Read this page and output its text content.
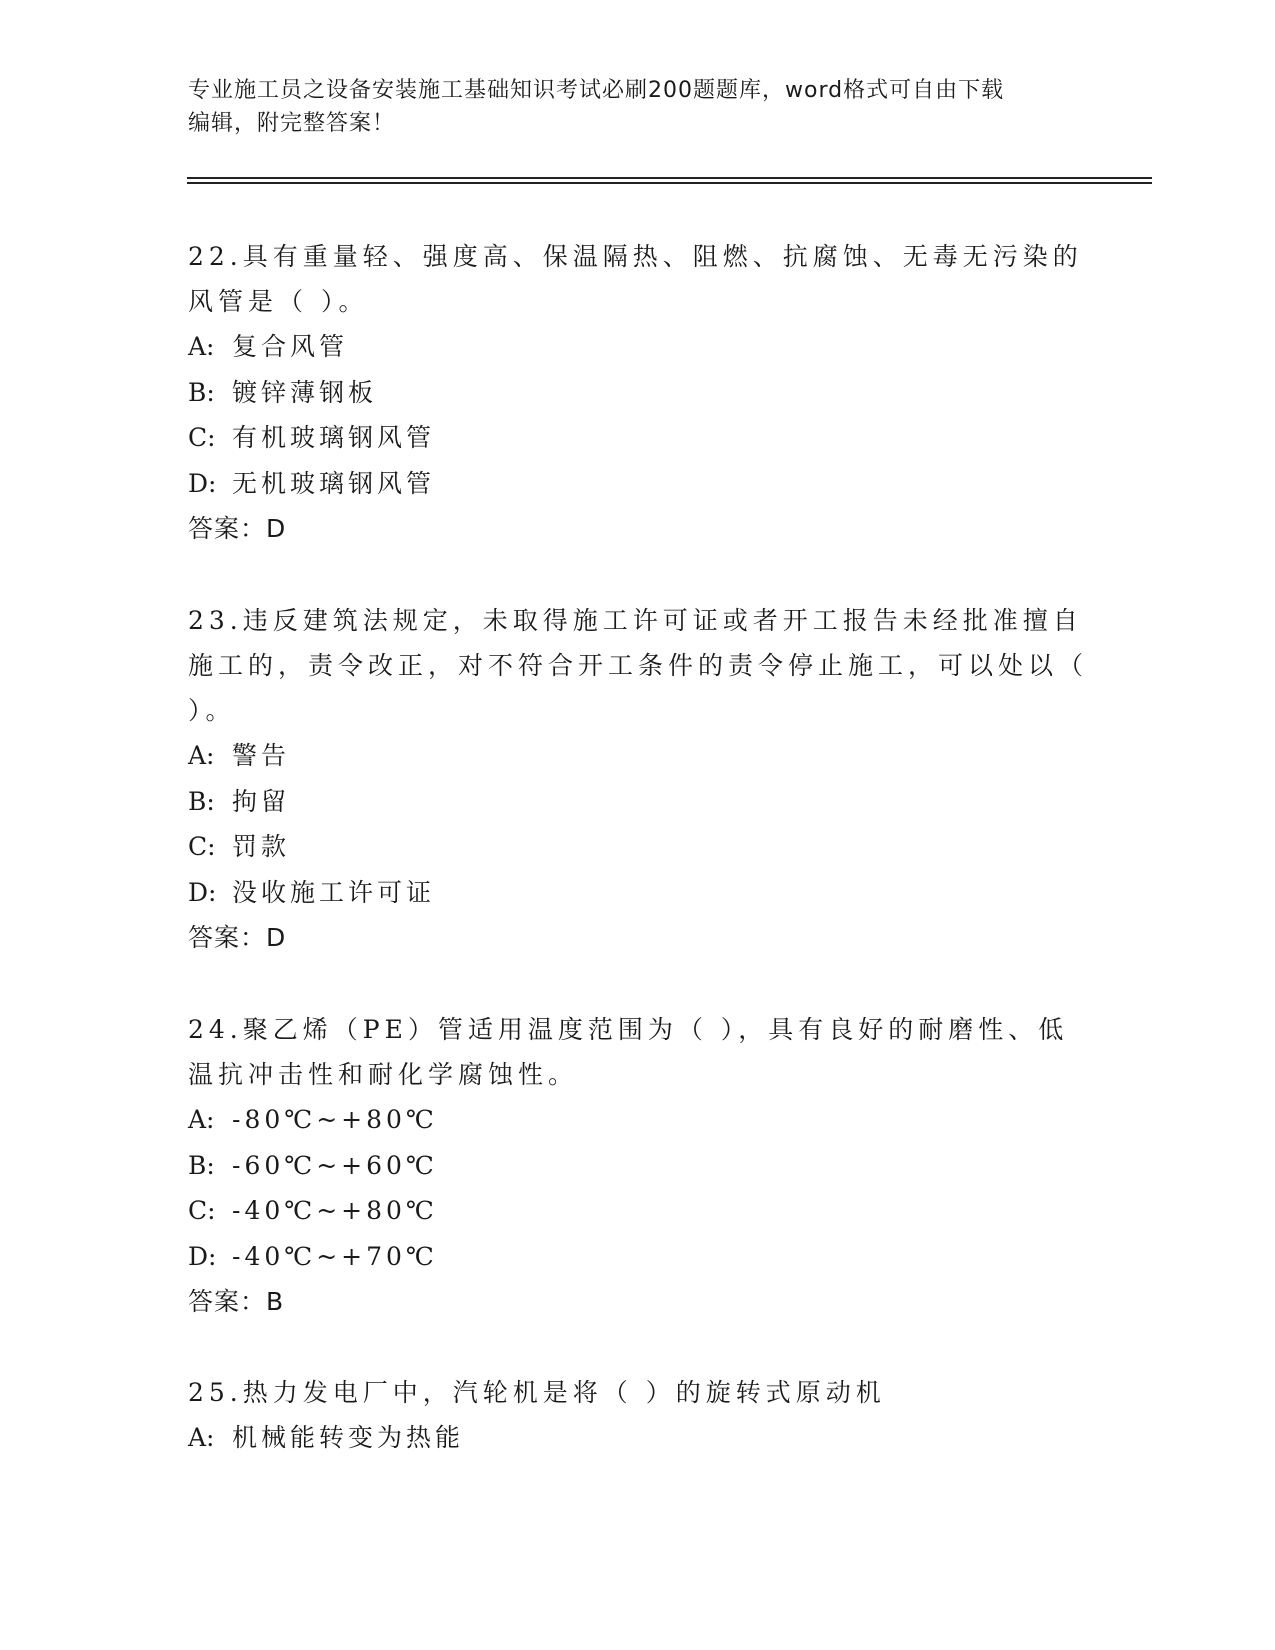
专业施工员之设备安装施工基础知识考试必刷200题题库，word格式可自由下载
编辑，附完整答案！
22.具有重量轻、强度高、保温隔热、阻燃、抗腐蚀、无毒无污染的风管是（ ）。
A: 复合风管
B: 镀锌薄钢板
C: 有机玻璃钢风管
D: 无机玻璃钢风管
答案：D
23.违反建筑法规定，未取得施工许可证或者开工报告未经批准擅自施工的，责令改正，对不符合开工条件的责令停止施工，可以处以（ ）。
A: 警告
B: 拘留
C: 罚款
D: 没收施工许可证
答案：D
24.聚乙烯（PE）管适用温度范围为（ ），具有良好的耐磨性、低温抗冲击性和耐化学腐蚀性。
A: -80℃~+80℃
B: -60℃~+60℃
C: -40℃~+80℃
D: -40℃~+70℃
答案：B
25.热力发电厂中，汽轮机是将（ ）的旋转式原动机
A: 机械能转变为热能
